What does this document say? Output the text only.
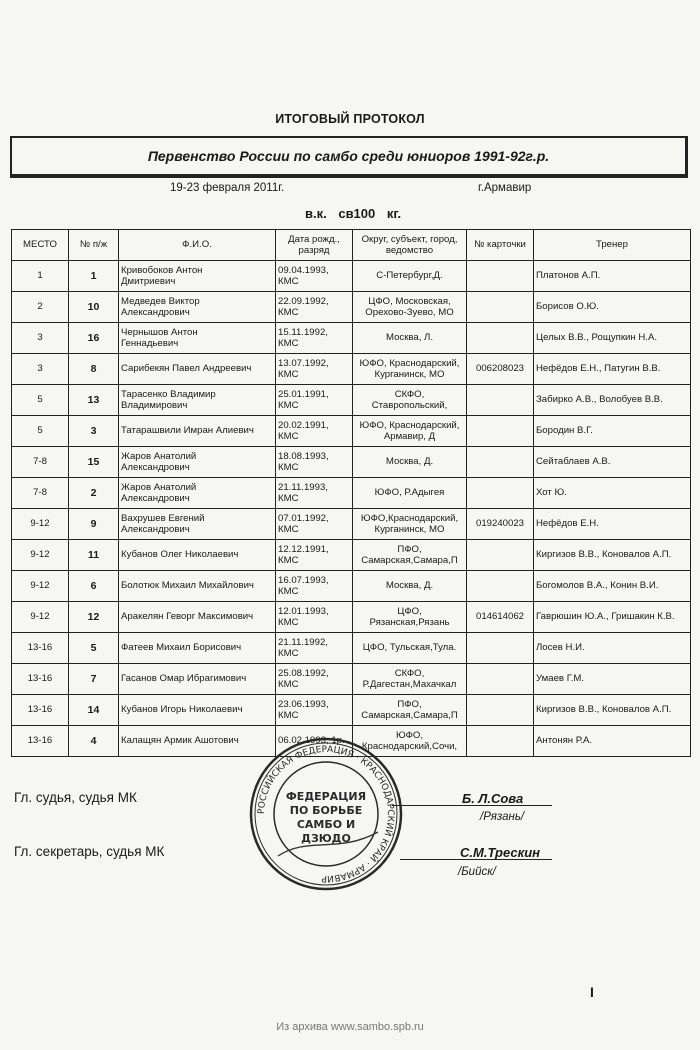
ИТОГОВЫЙ ПРОТОКОЛ
Первенство России по самбо среди юниоров 1991-92г.р.
19-23 февраля 2011г.	г.Армавир
в.к. св100 кг.
МЕСТО	№ п/ж	Ф.И.О.	Дата рожд., разряд	Округ, субъект, город, ведомство	№ карточки	Тренер
1	1	Кривобоков Антон
Дмитриевич	09.04.1993,
КМС	С-Петербург,Д.		Платонов А.П.
2	10	Медведев Виктор
Александрович	22.09.1992,
КМС	ЦФО, Московская,
Орехово-Зуево, МО		Борисов О.Ю.
3	16	Чернышов Антон
Геннадьевич	15.11.1992,
КМС	Москва, Л.		Целых В.В., Рощупкин Н.А.
3	8	Сарибекян Павел Андреевич	13.07.1992,
КМС	ЮФО, Краснодарский,
Курганинск, МО	006208023	Нефёдов Е.Н., Патугин В.В.
5	13	Тарасенко Владимир
Владимирович	25.01.1991,
КМС	СКФО,
Ставропольский,		Забирко А.В., Волобуев В.В.
5	3	Татарашвили Имран Алиевич	20.02.1991,
КМС	ЮФО, Краснодарский,
Армавир, Д		Бородин В.Г.
7-8	15	Жаров Анатолий
Александрович	18.08.1993,
КМС	Москва, Д.		Сейтаблаев А.В.
7-8	2	Жаров Анатолий
Александрович	21.11.1993,
КМС	ЮФО, Р.Адыгея		Хот Ю.
9-12	9	Вахрушев Евгений
Александрович	07.01.1992,
КМС	ЮФО,Краснодарский,
Курганинск, МО	019240023	Нефёдов Е.Н.
9-12	11	Кубанов Олег Николаевич	12.12.1991,
КМС	ПФО,
Самарская,Самара,П		Киргизов В.В., Коновалов А.П.
9-12	6	Болотюк Михаил Михайлович	16.07.1993,
КМС	Москва, Д.		Богомолов В.А., Конин В.И.
9-12	12	Аракелян Геворг Максимович	12.01.1993,
КМС	ЦФО,
Рязанская,Рязань	014614062	Гаврюшин Ю.А., Гришакин К.В.
13-16	5	Фатеев Михаил Борисович	21.11.1992,
КМС	ЦФО, Тульская,Тула.		Лосев Н.И.
13-16	7	Гасанов Омар Ибрагимович	25.08.1992,
КМС	СКФО,
Р.Дагестан,Махачкал		Умаев Г.М.
13-16	14	Кубанов Игорь Николаевич	23.06.1993,
КМС	ПФО,
Самарская,Самара,П		Киргизов В.В., Коновалов А.П.
13-16	4	Калащян Армик Ашотович	06.02.1993, 1р.	ЮФО,
Краснодарский,Сочи,		Антонян Р.А.
Гл. судья, судья МК	Б. Л.Сова
/Рязань/
Гл. секретарь, судья МК	С.М.Трескин
/Бийск/
РОССИЙСКАЯ ФЕДЕРАЦИЯ · КРАСНОДАРСКИЙ КРАЙ · АРМАВИР
ФЕДЕРАЦИЯ
ПО БОРЬБЕ
САМБО И
ДЗЮДО
I
Из архива www.sambo.spb.ru
